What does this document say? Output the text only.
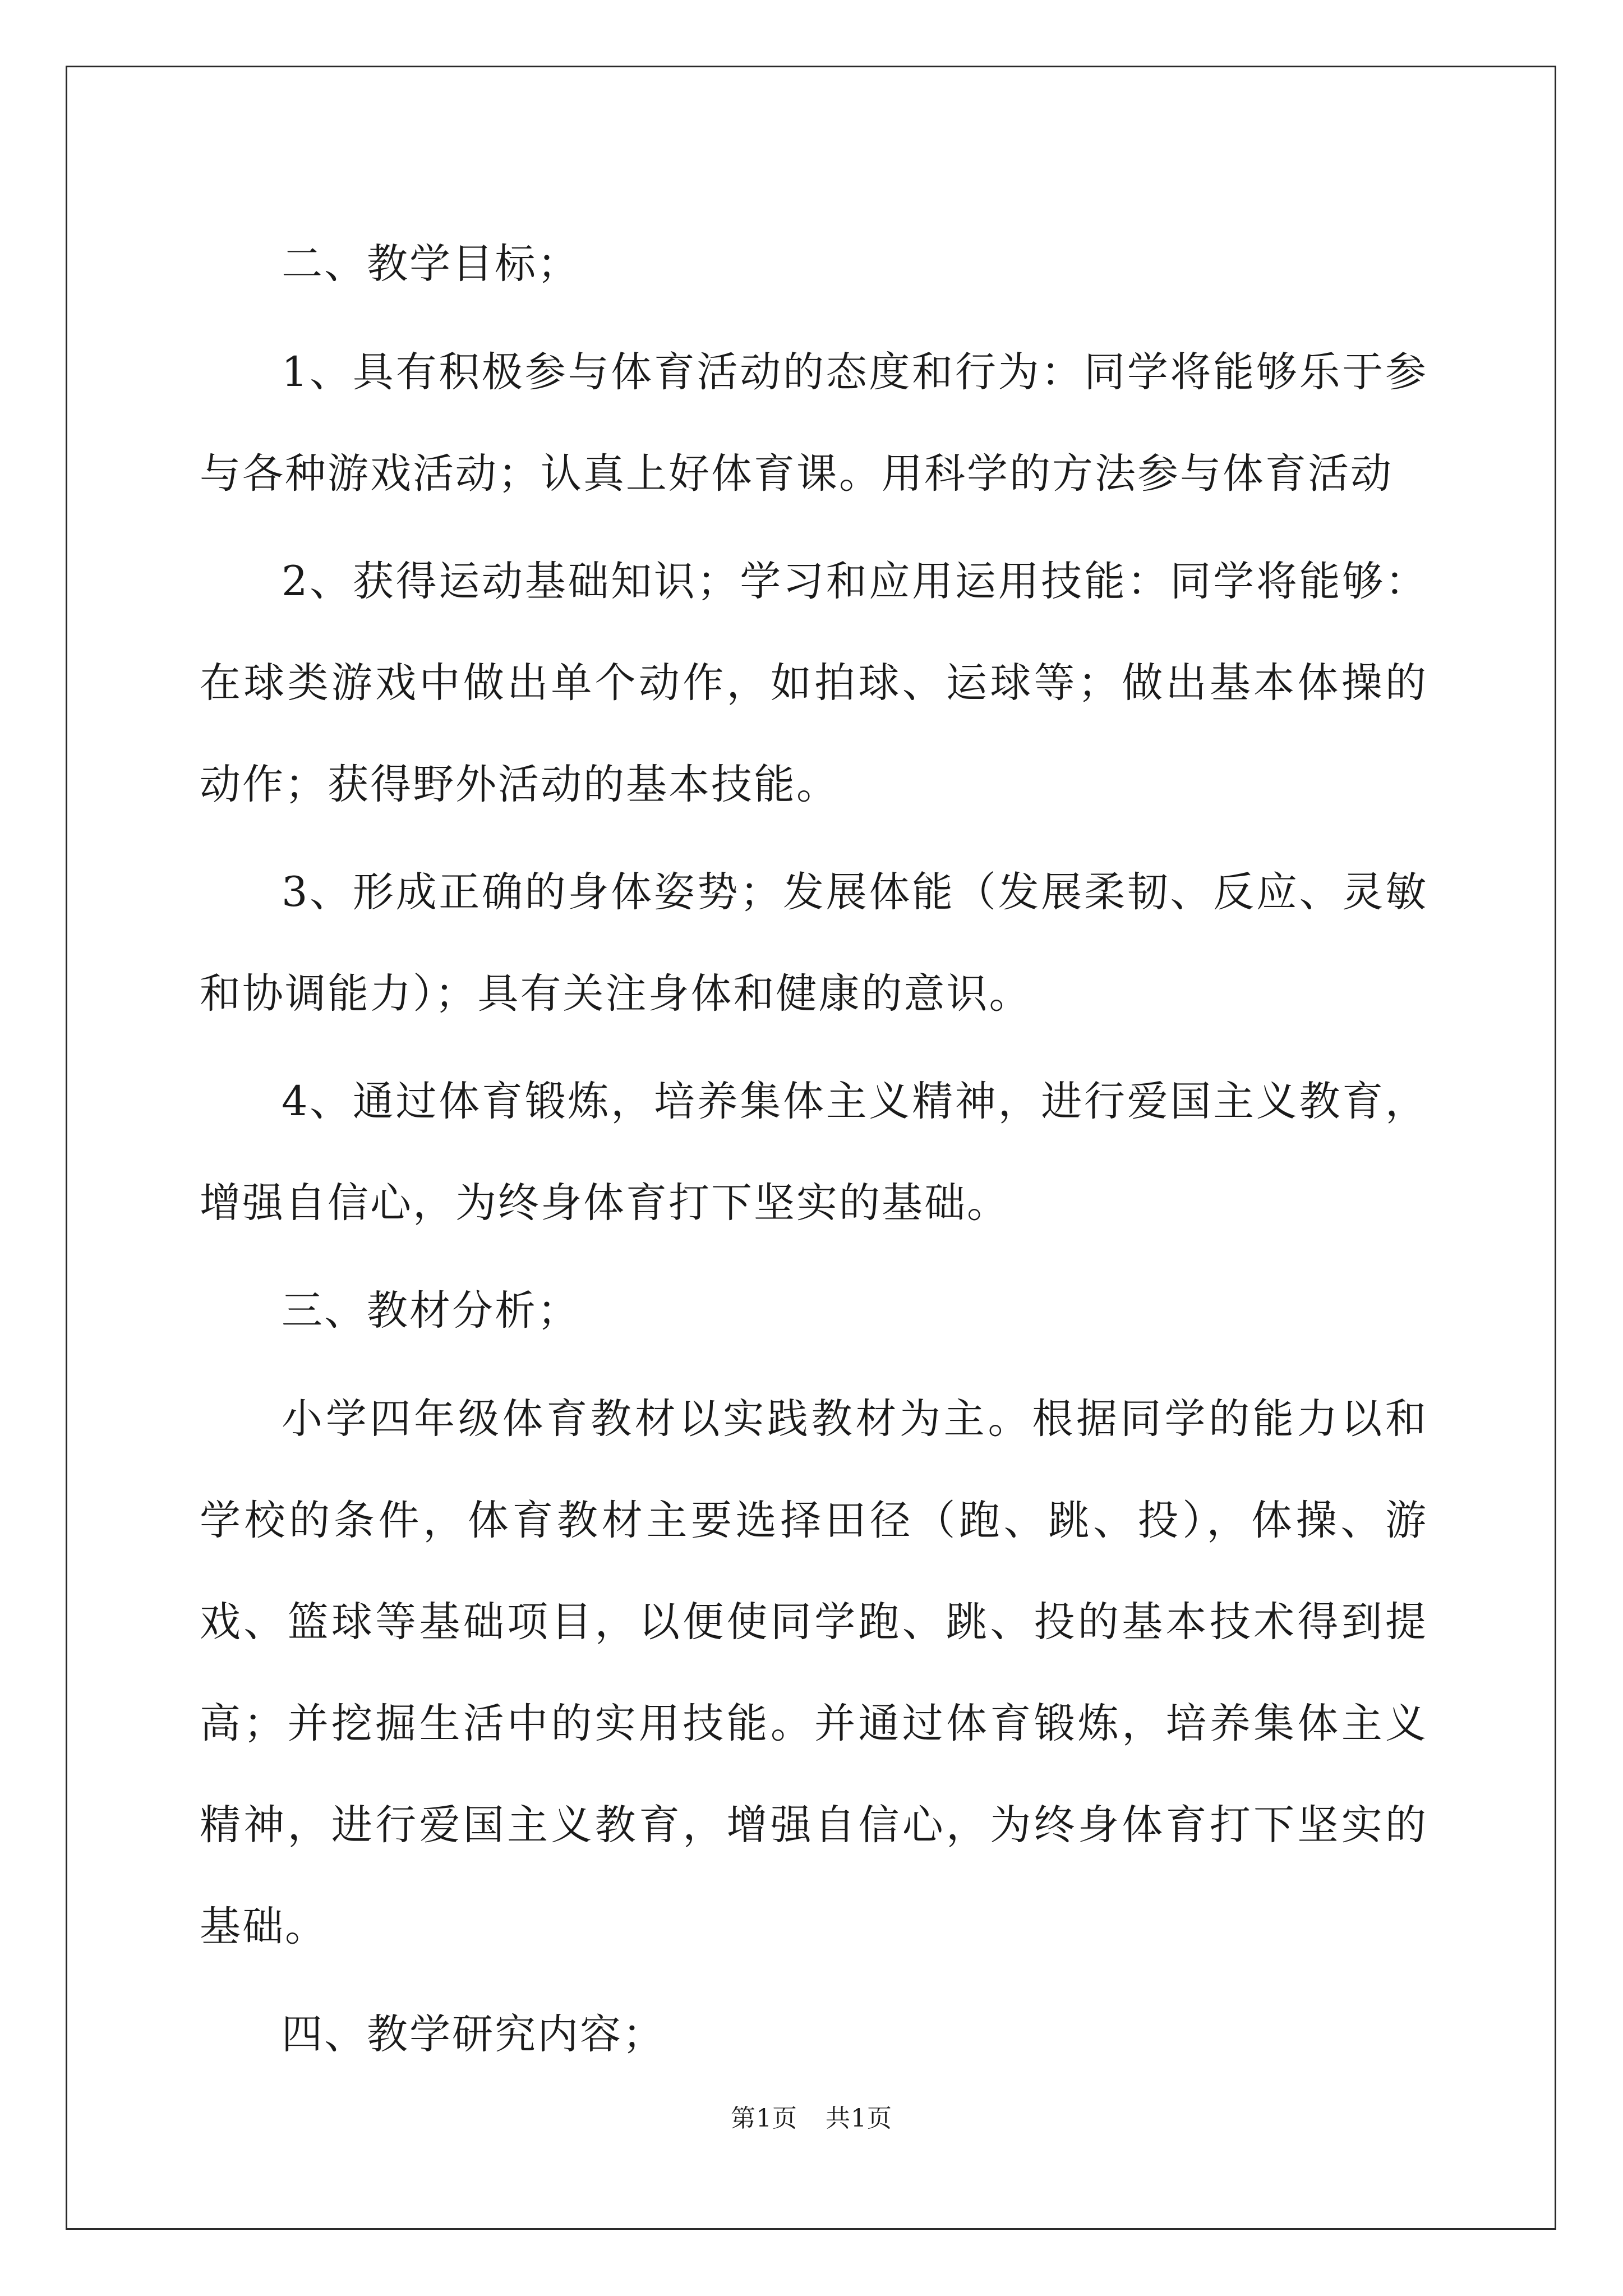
二、教学目标；

1、具有积极参与体育活动的态度和行为：同学将能够乐于参与各种游戏活动；认真上好体育课。用科学的方法参与体育活动

2、获得运动基础知识；学习和应用运用技能：同学将能够：在球类游戏中做出单个动作，如拍球、运球等；做出基本体操的动作；获得野外活动的基本技能。

3、形成正确的身体姿势；发展体能（发展柔韧、反应、灵敏和协调能力）；具有关注身体和健康的意识。

4、通过体育锻炼，培养集体主义精神，进行爱国主义教育，增强自信心，为终身体育打下坚实的基础。

三、教材分析；

小学四年级体育教材以实践教材为主。根据同学的能力以和学校的条件，体育教材主要选择田径（跑、跳、投），体操、游戏、篮球等基础项目，以便使同学跑、跳、投的基本技术得到提高；并挖掘生活中的实用技能。并通过体育锻炼，培养集体主义精神，进行爱国主义教育，增强自信心，为终身体育打下坚实的基础。

四、教学研究内容；

第1页 共1页
